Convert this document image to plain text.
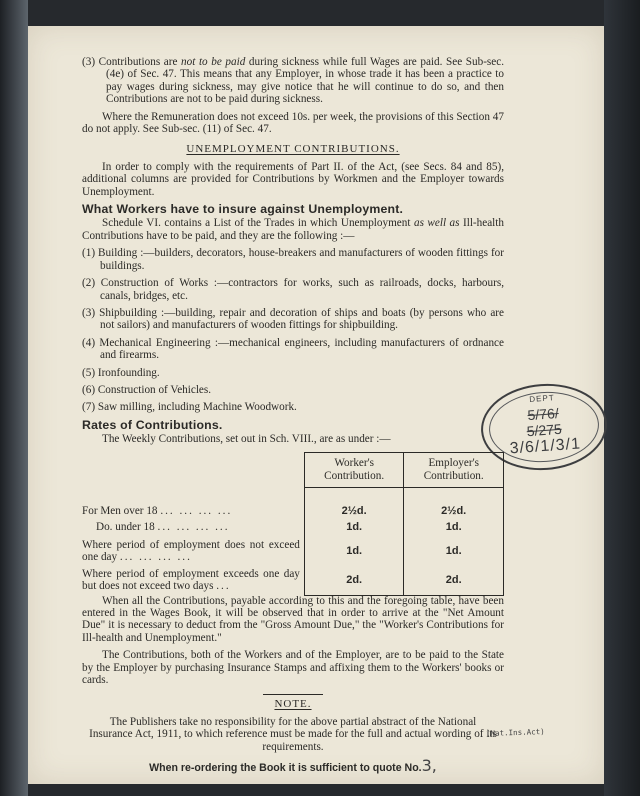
DEPT
5/76/
5/275
3/6/1/3/1

(3) Contributions are not to be paid during sickness while full Wages are paid. See Sub-sec. (4e) of Sec. 47. This means that any Employer, in whose trade it has been a practice to pay wages during sickness, may give notice that he will continue to do so, and then Contributions are not to be paid during sickness.

Where the Remuneration does not exceed 10s. per week, the provisions of this Section 47 do not apply. See Sub-sec. (11) of Sec. 47.

UNEMPLOYMENT CONTRIBUTIONS.

In order to comply with the requirements of Part II. of the Act, (see Secs. 84 and 85), additional columns are provided for Contributions by Workmen and the Employer towards Unemployment.

What Workers have to insure against Unemployment.

Schedule VI. contains a List of the Trades in which Unemployment as well as Ill-health Contributions have to be paid, and they are the following :—

(1) Building :—builders, decorators, house-breakers and manufacturers of wooden fittings for buildings.

(2) Construction of Works :—contractors for works, such as railroads, docks, harbours, canals, bridges, etc.

(3) Shipbuilding :—building, repair and decoration of ships and boats (by persons who are not sailors) and manufacturers of wooden fittings for shipbuilding.

(4) Mechanical Engineering :—mechanical engineers, including manufacturers of ordnance and firearms.

(5) Ironfounding.

(6) Construction of Vehicles.

(7) Saw milling, including Machine Woodwork.

Rates of Contributions.

The Weekly Contributions, set out in Sch. VIII., are as under :—

	Worker's Contribution.	Employer's Contribution.
For Men over 18 ... ... ... ...	2½d.	2½d.
Do. under 18 ... ... ... ...	1d.	1d.
Where period of employment does not exceed one day ... ... ... ...	1d.	1d.
Where period of employment exceeds one day but does not exceed two days ...	2d.	2d.

When all the Contributions, payable according to this and the foregoing table, have been entered in the Wages Book, it will be observed that in order to arrive at the "Net Amount Due" it is necessary to deduct from the "Gross Amount Due," the "Worker's Contributions for Ill-health and Unemployment."

The Contributions, both of the Workers and of the Employer, are to be paid to the State by the Employer by purchasing Insurance Stamps and affixing them to the Workers' books or cards.

NOTE.

The Publishers take no responsibility for the above partial abstract of the National Insurance Act, 1911, to which reference must be made for the full and actual wording of its requirements.

When re-ordering the Book it is sufficient to quote No.3,

(Nat.Ins.Act)
